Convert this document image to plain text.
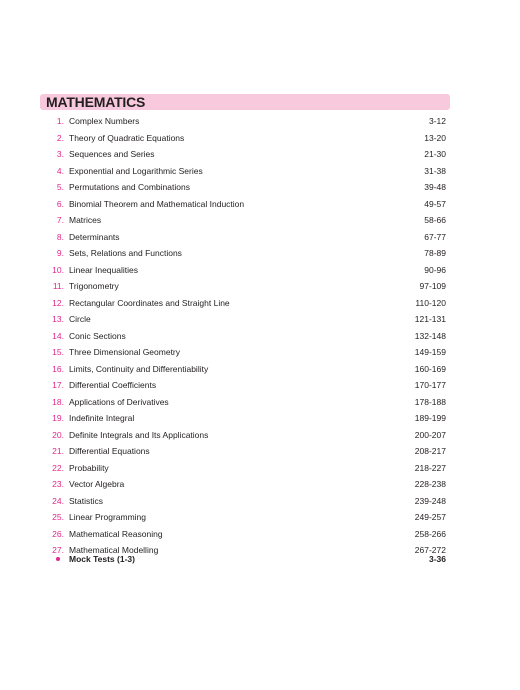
MATHEMATICS
1. Complex Numbers	3-12
2. Theory of Quadratic Equations	13-20
3. Sequences and Series	21-30
4. Exponential and Logarithmic Series	31-38
5. Permutations and Combinations	39-48
6. Binomial Theorem and Mathematical Induction	49-57
7. Matrices	58-66
8. Determinants	67-77
9. Sets, Relations and Functions	78-89
10. Linear Inequalities	90-96
11. Trigonometry	97-109
12. Rectangular Coordinates and Straight Line	110-120
13. Circle	121-131
14. Conic Sections	132-148
15. Three Dimensional Geometry	149-159
16. Limits, Continuity and Differentiability	160-169
17. Differential Coefficients	170-177
18. Applications of Derivatives	178-188
19. Indefinite Integral	189-199
20. Definite Integrals and Its Applications	200-207
21. Differential Equations	208-217
22. Probability	218-227
23. Vector Algebra	228-238
24. Statistics	239-248
25. Linear Programming	249-257
26. Mathematical Reasoning	258-266
27. Mathematical Modelling	267-272
Mock Tests (1-3)	3-36
